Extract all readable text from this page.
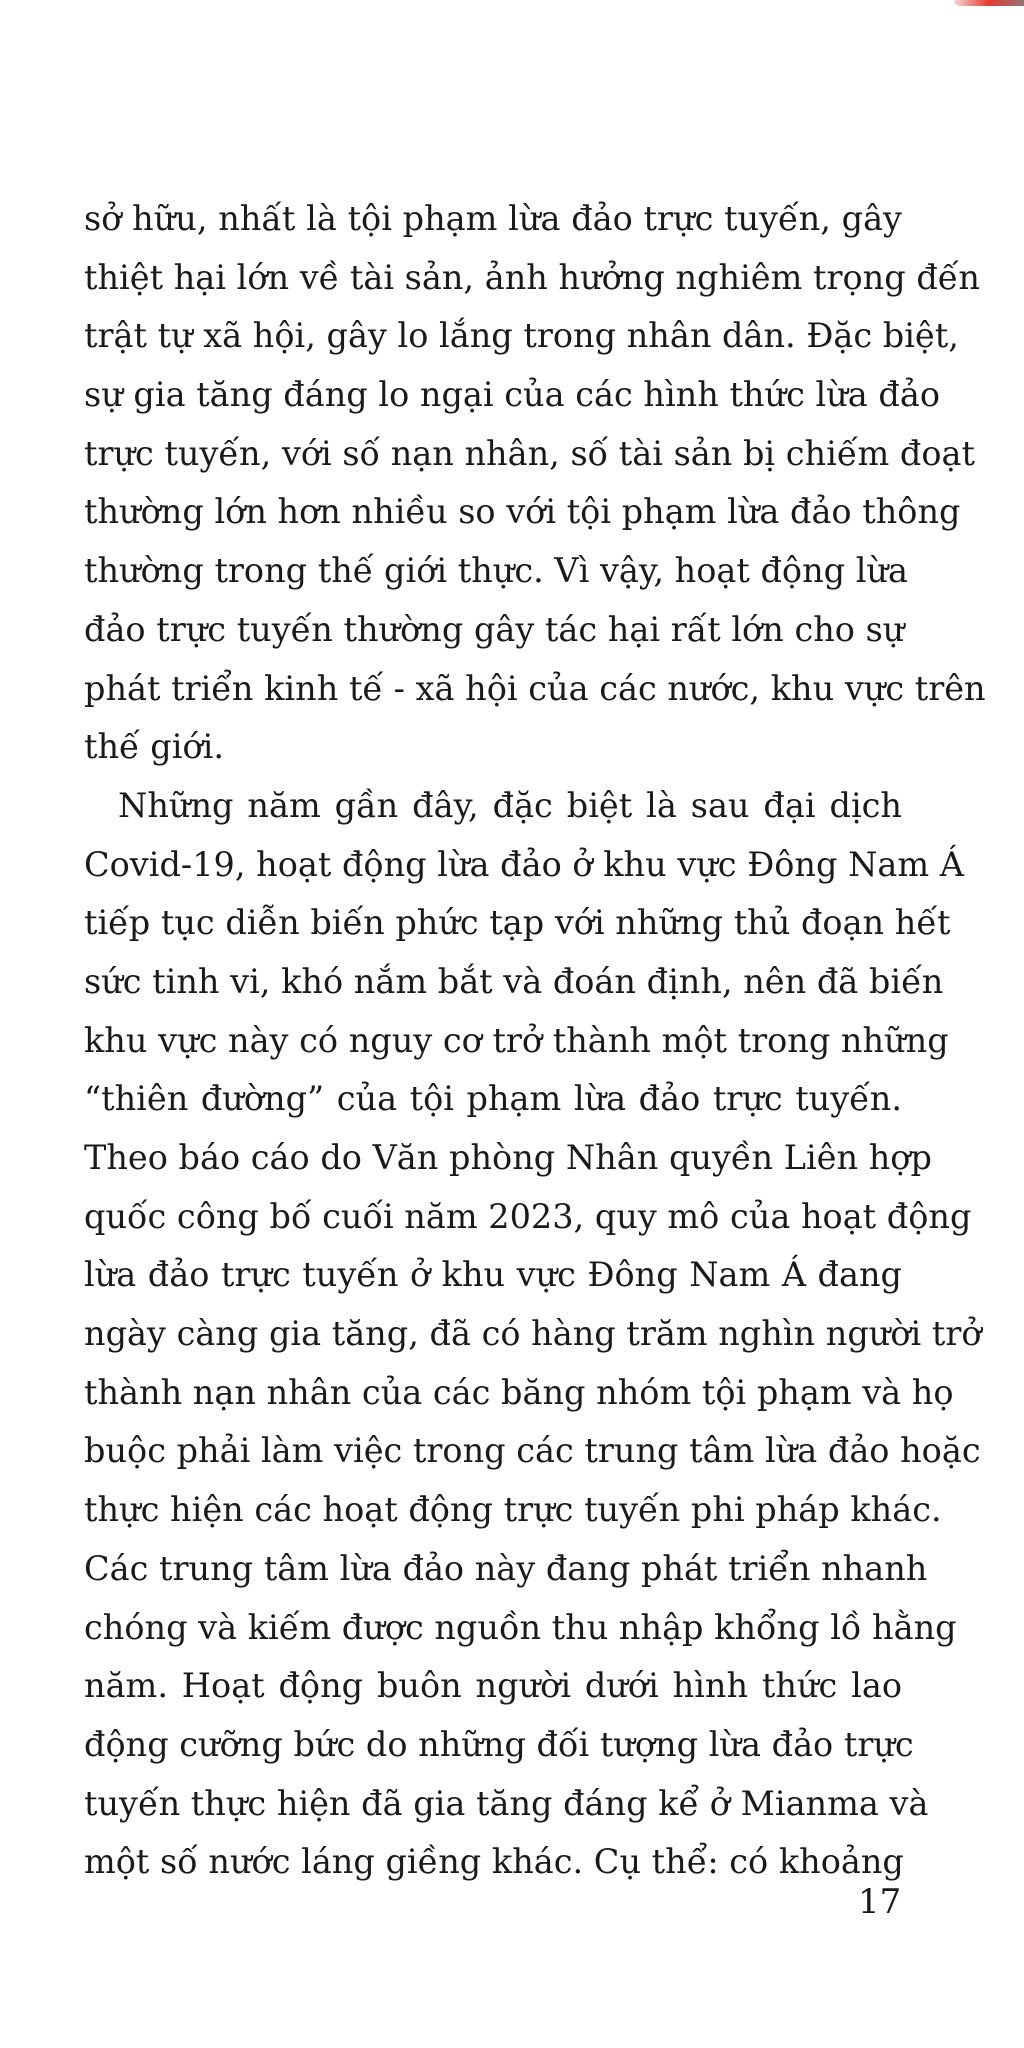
sở hữu, nhất là tội phạm lừa đảo trực tuyến, gây
thiệt hại lớn về tài sản, ảnh hưởng nghiêm trọng đến
trật tự xã hội, gây lo lắng trong nhân dân. Đặc biệt,
sự gia tăng đáng lo ngại của các hình thức lừa đảo
trực tuyến, với số nạn nhân, số tài sản bị chiếm đoạt
thường lớn hơn nhiều so với tội phạm lừa đảo thông
thường trong thế giới thực. Vì vậy, hoạt động lừa
đảo trực tuyến thường gây tác hại rất lớn cho sự
phát triển kinh tế - xã hội của các nước, khu vực trên
thế giới.
Những năm gần đây, đặc biệt là sau đại dịch
Covid-19, hoạt động lừa đảo ở khu vực Đông Nam Á
tiếp tục diễn biến phức tạp với những thủ đoạn hết
sức tinh vi, khó nắm bắt và đoán định, nên đã biến
khu vực này có nguy cơ trở thành một trong những
“thiên đường” của tội phạm lừa đảo trực tuyến.
Theo báo cáo do Văn phòng Nhân quyền Liên hợp
quốc công bố cuối năm 2023, quy mô của hoạt động
lừa đảo trực tuyến ở khu vực Đông Nam Á đang
ngày càng gia tăng, đã có hàng trăm nghìn người trở
thành nạn nhân của các băng nhóm tội phạm và họ
buộc phải làm việc trong các trung tâm lừa đảo hoặc
thực hiện các hoạt động trực tuyến phi pháp khác.
Các trung tâm lừa đảo này đang phát triển nhanh
chóng và kiếm được nguồn thu nhập khổng lồ hằng
năm. Hoạt động buôn người dưới hình thức lao
động cưỡng bức do những đối tượng lừa đảo trực
tuyến thực hiện đã gia tăng đáng kể ở Mianma và
một số nước láng giềng khác. Cụ thể: có khoảng
17
